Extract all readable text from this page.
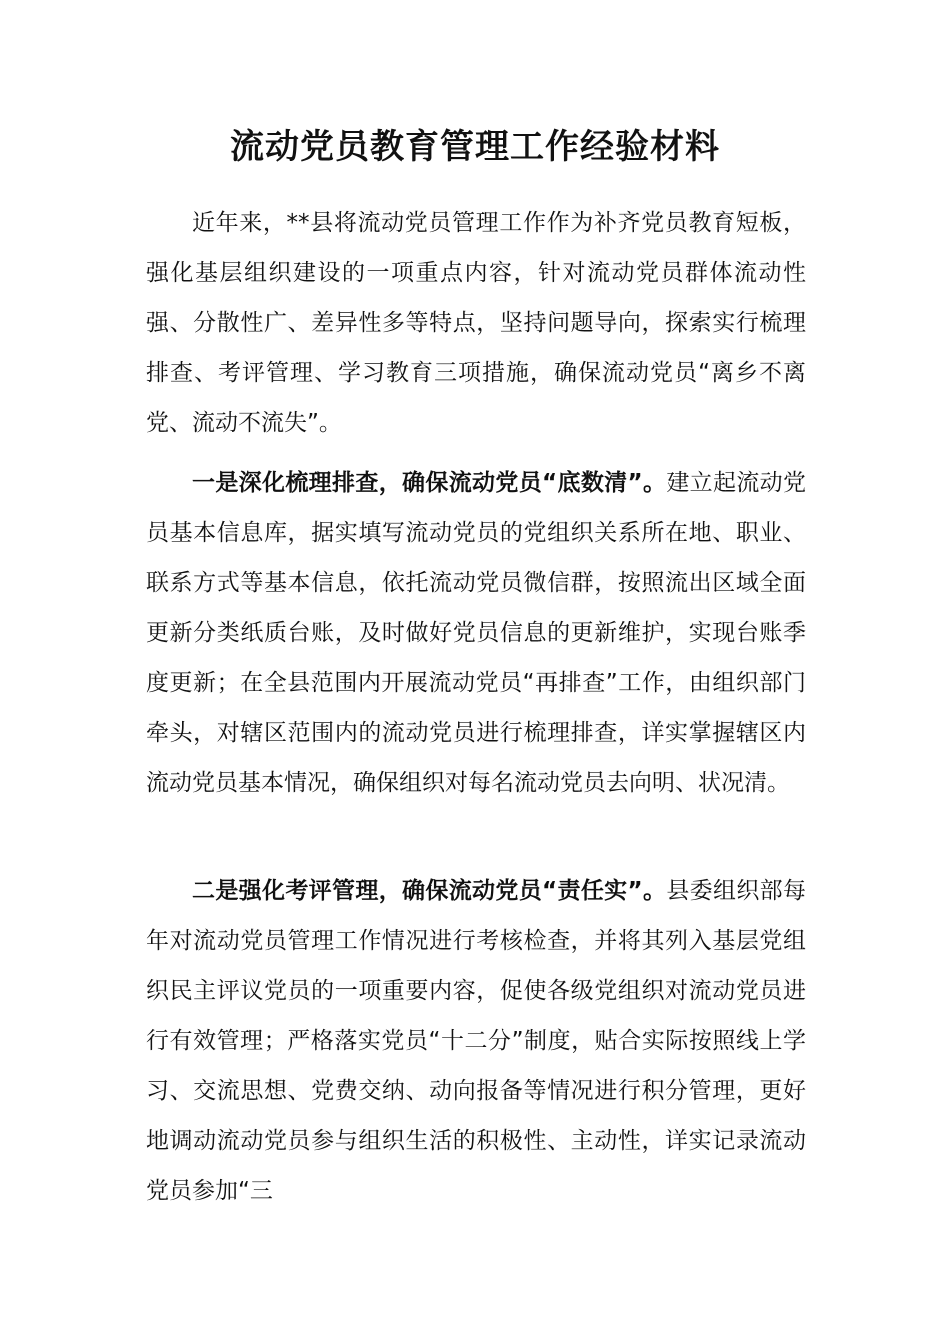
流动党员教育管理工作经验材料

近年来，**县将流动党员管理工作作为补齐党员教育短板，强化基层组织建设的一项重点内容，针对流动党员群体流动性强、分散性广、差异性多等特点，坚持问题导向，探索实行梳理排查、考评管理、学习教育三项措施，确保流动党员“离乡不离党、流动不流失”。

一是深化梳理排查，确保流动党员“底数清”。建立起流动党员基本信息库，据实填写流动党员的党组织关系所在地、职业、联系方式等基本信息，依托流动党员微信群，按照流出区域全面更新分类纸质台账，及时做好党员信息的更新维护，实现台账季度更新；在全县范围内开展流动党员“再排查”工作，由组织部门牵头，对辖区范围内的流动党员进行梳理排查，详实掌握辖区内流动党员基本情况，确保组织对每名流动党员去向明、状况清。

二是强化考评管理，确保流动党员“责任实”。县委组织部每年对流动党员管理工作情况进行考核检查，并将其列入基层党组织民主评议党员的一项重要内容，促使各级党组织对流动党员进行有效管理；严格落实党员“十二分”制度，贴合实际按照线上学习、交流思想、党费交纳、动向报备等情况进行积分管理，更好地调动流动党员参与组织生活的积极性、主动性，详实记录流动党员参加“三
